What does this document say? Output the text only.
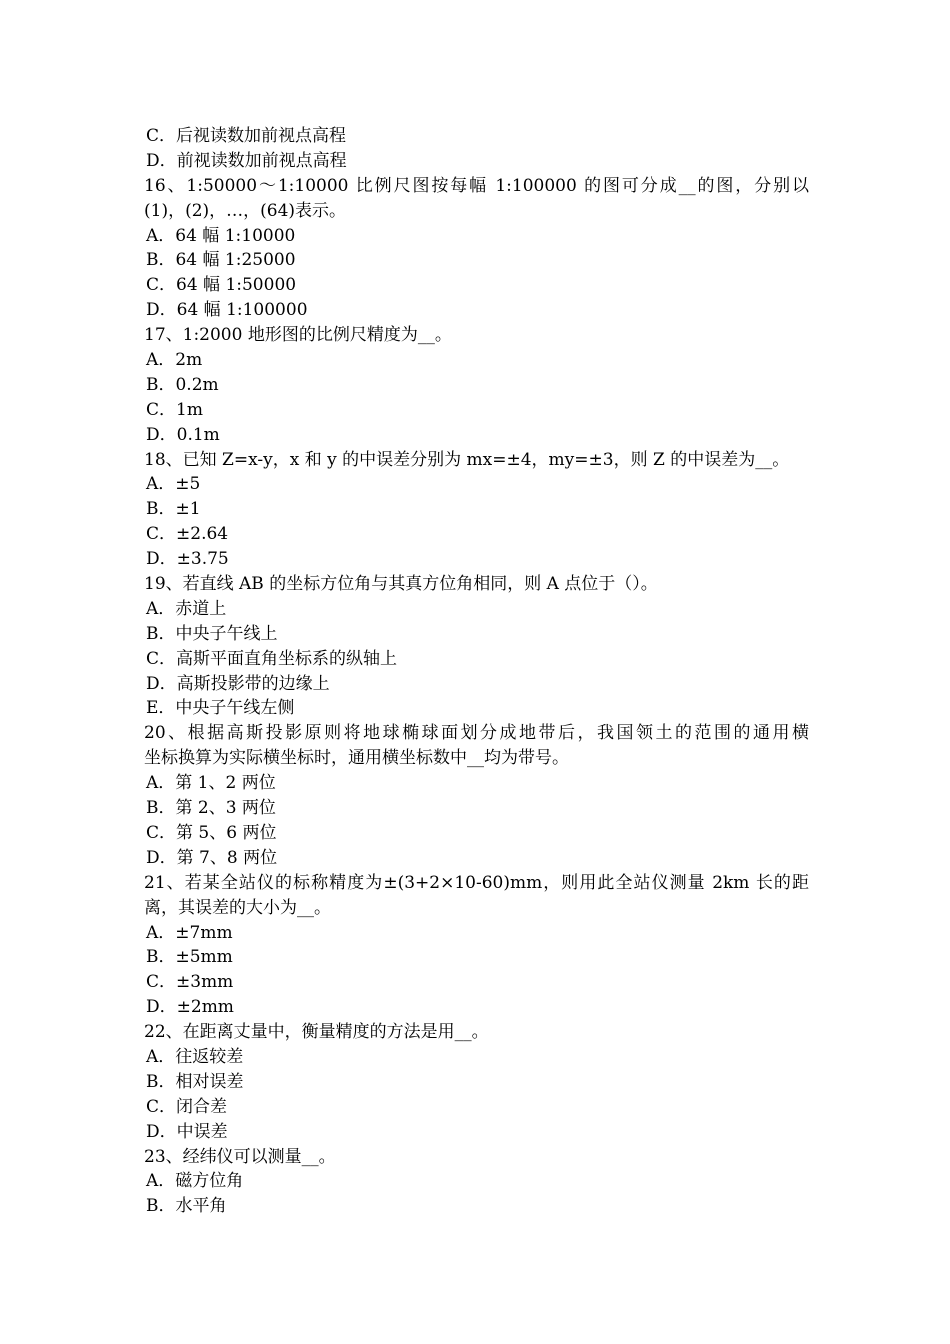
C．后视读数加前视点高程
D．前视读数加前视点高程
16、1:50000～1:10000 比例尺图按每幅 1:100000 的图可分成__的图，分别以
(1)，(2)，…，(64)表示。
A．64 幅 1:10000
B．64 幅 1:25000
C．64 幅 1:50000
D．64 幅 1:100000
17、1:2000 地形图的比例尺精度为__。
A．2m
B．0.2m
C．1m
D．0.1m
18、已知 Z=x-y，x 和 y 的中误差分别为 mx=±4，my=±3，则 Z 的中误差为__。
A．±5
B．±1
C．±2.64
D．±3.75
19、若直线 AB 的坐标方位角与其真方位角相同，则 A 点位于（）。
A．赤道上
B．中央子午线上
C．高斯平面直角坐标系的纵轴上
D．高斯投影带的边缘上
E．中央子午线左侧
20、根据高斯投影原则将地球椭球面划分成地带后，我国领土的范围的通用横
坐标换算为实际横坐标时，通用横坐标数中__均为带号。
A．第 1、2 两位
B．第 2、3 两位
C．第 5、6 两位
D．第 7、8 两位
21、若某全站仪的标称精度为±(3+2×10-60)mm，则用此全站仪测量 2km 长的距
离，其误差的大小为__。
A．±7mm
B．±5mm
C．±3mm
D．±2mm
22、在距离丈量中，衡量精度的方法是用__。
A．往返较差
B．相对误差
C．闭合差
D．中误差
23、经纬仪可以测量__。
A．磁方位角
B．水平角
